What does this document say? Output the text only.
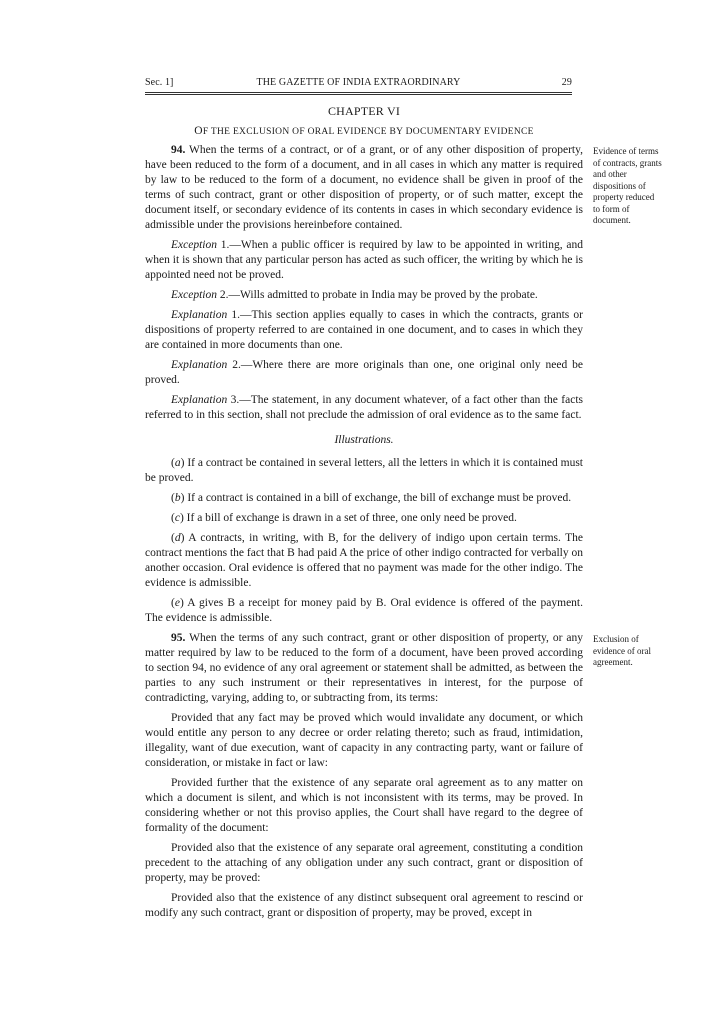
Sec. 1]	THE GAZETTE OF INDIA EXTRAORDINARY	29
CHAPTER VI
OF THE EXCLUSION OF ORAL EVIDENCE BY DOCUMENTARY EVIDENCE

94. When the terms of a contract, or of a grant, or of any other disposition of property, have been reduced to the form of a document, and in all cases in which any matter is required by law to be reduced to the form of a document, no evidence shall be given in proof of the terms of such contract, grant or other disposition of property, or of such matter, except the document itself, or secondary evidence of its contents in cases in which secondary evidence is admissible under the provisions hereinbefore contained.

Exception 1.—When a public officer is required by law to be appointed in writing, and when it is shown that any particular person has acted as such officer, the writing by which he is appointed need not be proved.

Exception 2.—Wills admitted to probate in India may be proved by the probate.

Explanation 1.—This section applies equally to cases in which the contracts, grants or dispositions of property referred to are contained in one document, and to cases in which they are contained in more documents than one.

Explanation 2.—Where there are more originals than one, one original only need be proved.

Explanation 3.—The statement, in any document whatever, of a fact other than the facts referred to in this section, shall not preclude the admission of oral evidence as to the same fact.

Illustrations.

(a) If a contract be contained in several letters, all the letters in which it is contained must be proved.

(b) If a contract is contained in a bill of exchange, the bill of exchange must be proved.

(c) If a bill of exchange is drawn in a set of three, one only need be proved.

(d) A contracts, in writing, with B, for the delivery of indigo upon certain terms. The contract mentions the fact that B had paid A the price of other indigo contracted for verbally on another occasion. Oral evidence is offered that no payment was made for the other indigo. The evidence is admissible.

(e) A gives B a receipt for money paid by B. Oral evidence is offered of the payment. The evidence is admissible.

95. When the terms of any such contract, grant or other disposition of property, or any matter required by law to be reduced to the form of a document, have been proved according to section 94, no evidence of any oral agreement or statement shall be admitted, as between the parties to any such instrument or their representatives in interest, for the purpose of contradicting, varying, adding to, or subtracting from, its terms:

Provided that any fact may be proved which would invalidate any document, or which would entitle any person to any decree or order relating thereto; such as fraud, intimidation, illegality, want of due execution, want of capacity in any contracting party, want or failure of consideration, or mistake in fact or law:

Provided further that the existence of any separate oral agreement as to any matter on which a document is silent, and which is not inconsistent with its terms, may be proved. In considering whether or not this proviso applies, the Court shall have regard to the degree of formality of the document:

Provided also that the existence of any separate oral agreement, constituting a condition precedent to the attaching of any obligation under any such contract, grant or disposition of property, may be proved:

Provided also that the existence of any distinct subsequent oral agreement to rescind or modify any such contract, grant or disposition of property, may be proved, except in

Evidence of terms of contracts, grants and other dispositions of property reduced to form of document.
Exclusion of evidence of oral agreement.
